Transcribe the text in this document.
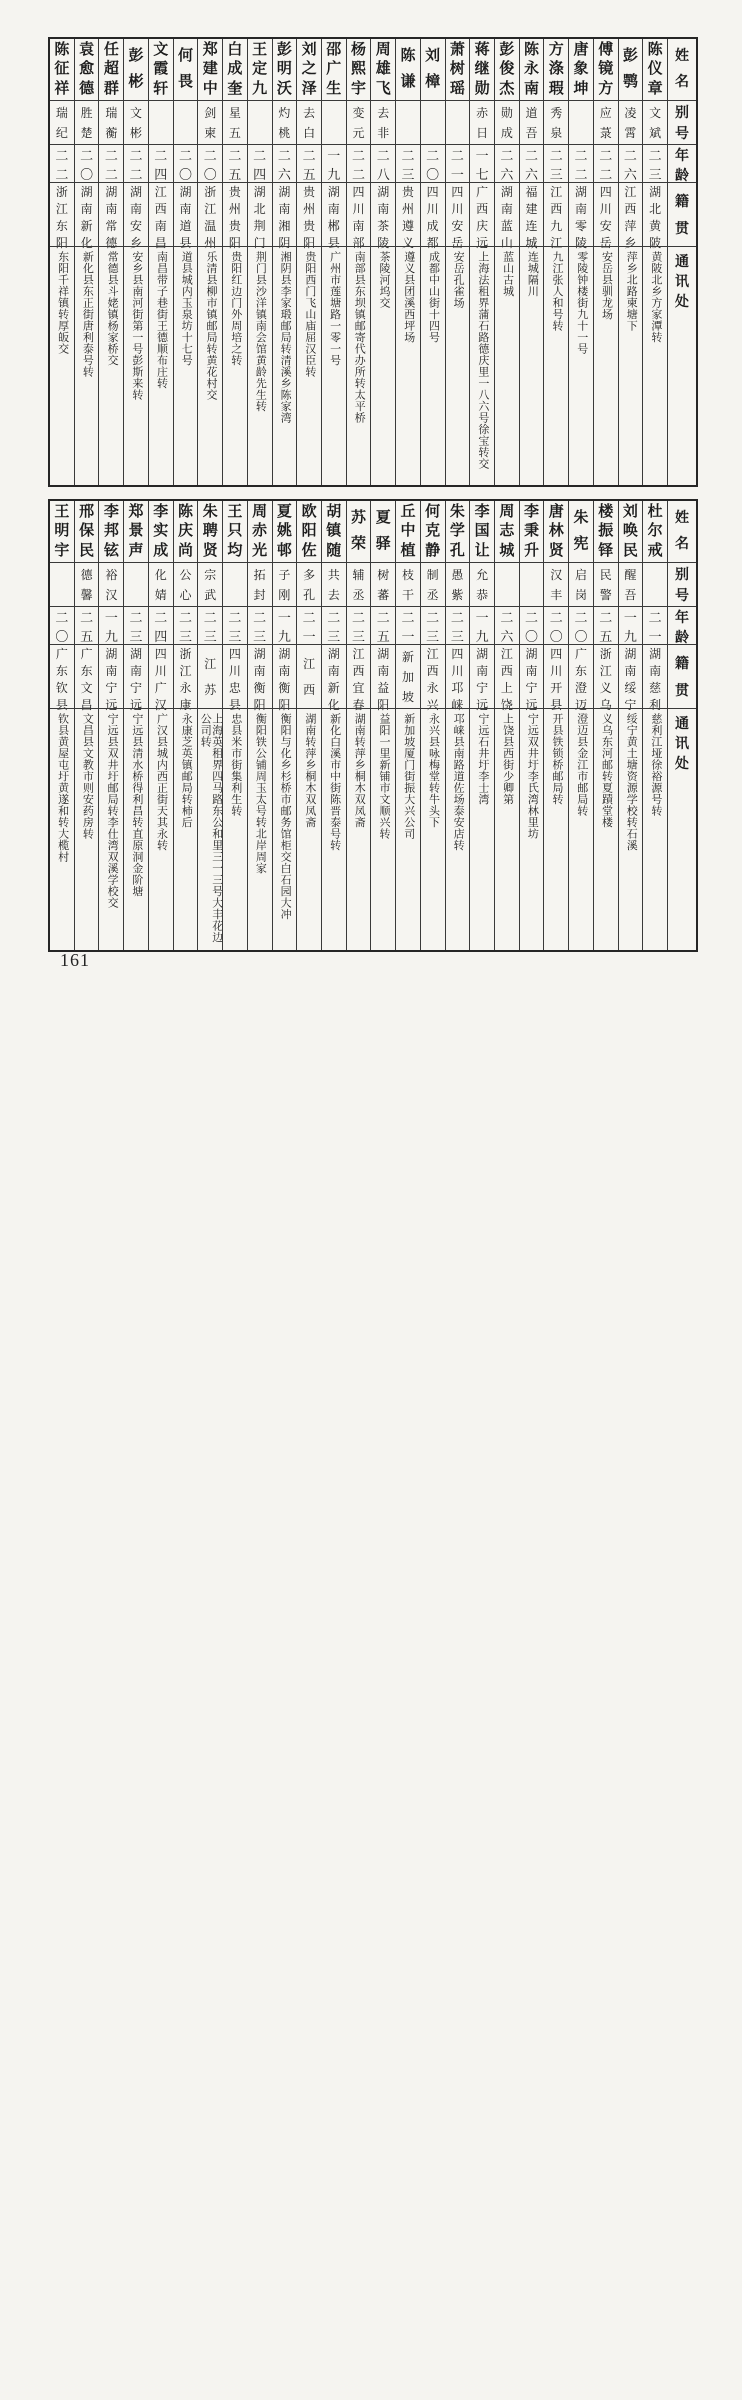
姓
名
别
号
年
龄
籍
贯
通
讯
处
陈
仪
章
文
斌
二
三
湖
北
黄
陂
黄陂北乡方家潭转
彭
鹗
凌
霄
二
六
江
西
萍
乡
萍乡北路柬塘下
傅
镜
方
应
菉
二
二
四
川
安
岳
安岳县驯龙场
唐
象
坤
二
二
湖
南
零
陵
零陵钟楼街九十一号
方
涤
瑕
秀
泉
二
三
江
西
九
江
九江张人和号转
陈
永
南
道
吾
二
六
福
建
连
城
连城隔川
彭
俊
杰
勋
成
二
六
湖
南
蓝
山
蓝山古城
蒋
继
勋
赤
日
一
七
广
西
庆
远
上海法租界蒲石路德庆里一八六号徐宝转交
萧
树
瑶
二
一
四
川
安
岳
安岳孔雀场
刘
樟
二
〇
四
川
成
都
成都中山街十四号
陈
谦
二
三
贵
州
遵
义
遵义县团溪西坪场
周
雄
飞
去
非
二
八
湖
南
茶
陵
茶陵河坞交
杨
熙
宇
变
元
二
二
四
川
南
部
南部县东坝镇邮寄代办所转太平桥
邵
广
生
一
九
湖
南
郴
县
广州市莲塘路一零一号
刘
之
泽
去
白
二
五
贵
州
贵
阳
贵阳西门飞山庙屈汉臣转
彭
明
沃
灼
桃
二
六
湖
南
湘
阴
湘阴县李家瑖邮局转清溪乡陈家湾
王
定
九
二
四
湖
北
荆
门
荆门县沙洋镇南会馆黄龄先生转
白
成
奎
星
五
二
五
贵
州
贵
阳
贵阳红边门外周培之转
郑
建
中
剑
柬
二
〇
浙
江
温
州
乐清县柳市镇邮局转黄花村交
何
畏
二
〇
湖
南
道
县
道县城内玉泉坊十七号
文
霞
轩
二
四
江
西
南
昌
南昌带子巷街王德顺布庄转
彭
彬
文
彬
二
二
湖
南
安
乡
安乡县南河街第一号彭斯来转
任
超
群
瑞
蘅
二
二
湖
南
常
德
常德县斗姥镇杨家桥交
袁
愈
德
胜
楚
二
〇
湖
南
新
化
新化县东正街唐利泰号转
陈
征
祥
瑞
纪
二
二
浙
江
东
阳
东阳千祥镇转厚皈交
姓
名
别
号
年
龄
籍
贯
通
讯
处
杜
尔
戒
二
一
湖
南
慈
利
慈利江垭徐裕源号转
刘
唤
民
醒
吾
一
九
湖
南
绥
宁
绥宁黄土塘资源学校转石溪
楼
振
铎
民
警
二
五
浙
江
义
乌
义乌东河邮转夏蹟堂楼
朱
宪
启
岗
二
〇
广
东
澄
迈
澄迈县金江市邮局转
唐
林
贤
汉
丰
二
〇
四
川
开
县
开县铁锁桥邮局转
李
秉
升
二
〇
湖
南
宁
远
宁远双井圩李氏湾林里坊
周
志
城
二
六
江
西
上
饶
上饶县西街少卿第
李
国
让
允
恭
一
九
湖
南
宁
远
宁远石井圩李士湾
朱
学
孔
愚
紫
二
三
四
川
邛
崃
邛崃县南路道佐场泰安店转
何
克
静
制
丞
二
三
江
西
永
兴
永兴县咏梅堂转牛头下
丘
中
植
枝
干
二
一
新
加
坡
新加坡厦门街振大兴公司
夏
驿
树
蕃
二
五
湖
南
益
阳
益阳一里新铺市文顺兴转
苏
荣
辅
丞
二
三
江
西
宜
春
湖南转萍乡桐木双凤斋
胡
镇
随
共
去
二
三
湖
南
新
化
新化白溪市中街陈晋泰号转
欧
阳
佐
多
孔
二
一
江
西
湖南转萍乡桐木双凤斋
夏
姚
邨
子
刚
一
九
湖
南
衡
阳
衡阳与化乡杉桥市邮务馆柜交白石园大冲
周
赤
光
拓
封
二
三
湖
南
衡
阳
衡阳铁公铺周玉太号转北岸周家
王
只
均
二
三
四
川
忠
县
忠县米市街集利生转
朱
聘
贤
宗
武
二
三
江
苏
上海英租界四马路东公和里三一三号大丰花边公司转
陈
庆
尚
公
心
二
三
浙
江
永
康
永康芝英镇邮局转柿后
李
实
成
化
婧
二
四
四
川
广
汉
广汉县城内西正街天其永转
郑
景
声
二
三
湖
南
宁
远
宁远县清水桥得利昌转直原洞金阶塘
李
邦
铉
裕
汉
一
九
湖
南
宁
远
宁远县双井圩邮局转李仕湾双溪学校交
邢
保
民
德
馨
二
五
广
东
文
昌
文昌县文教市则安药房转
王
明
宇
二
〇
广
东
钦
县
钦县黄屋屯圩黄遂和转大榄村
161
